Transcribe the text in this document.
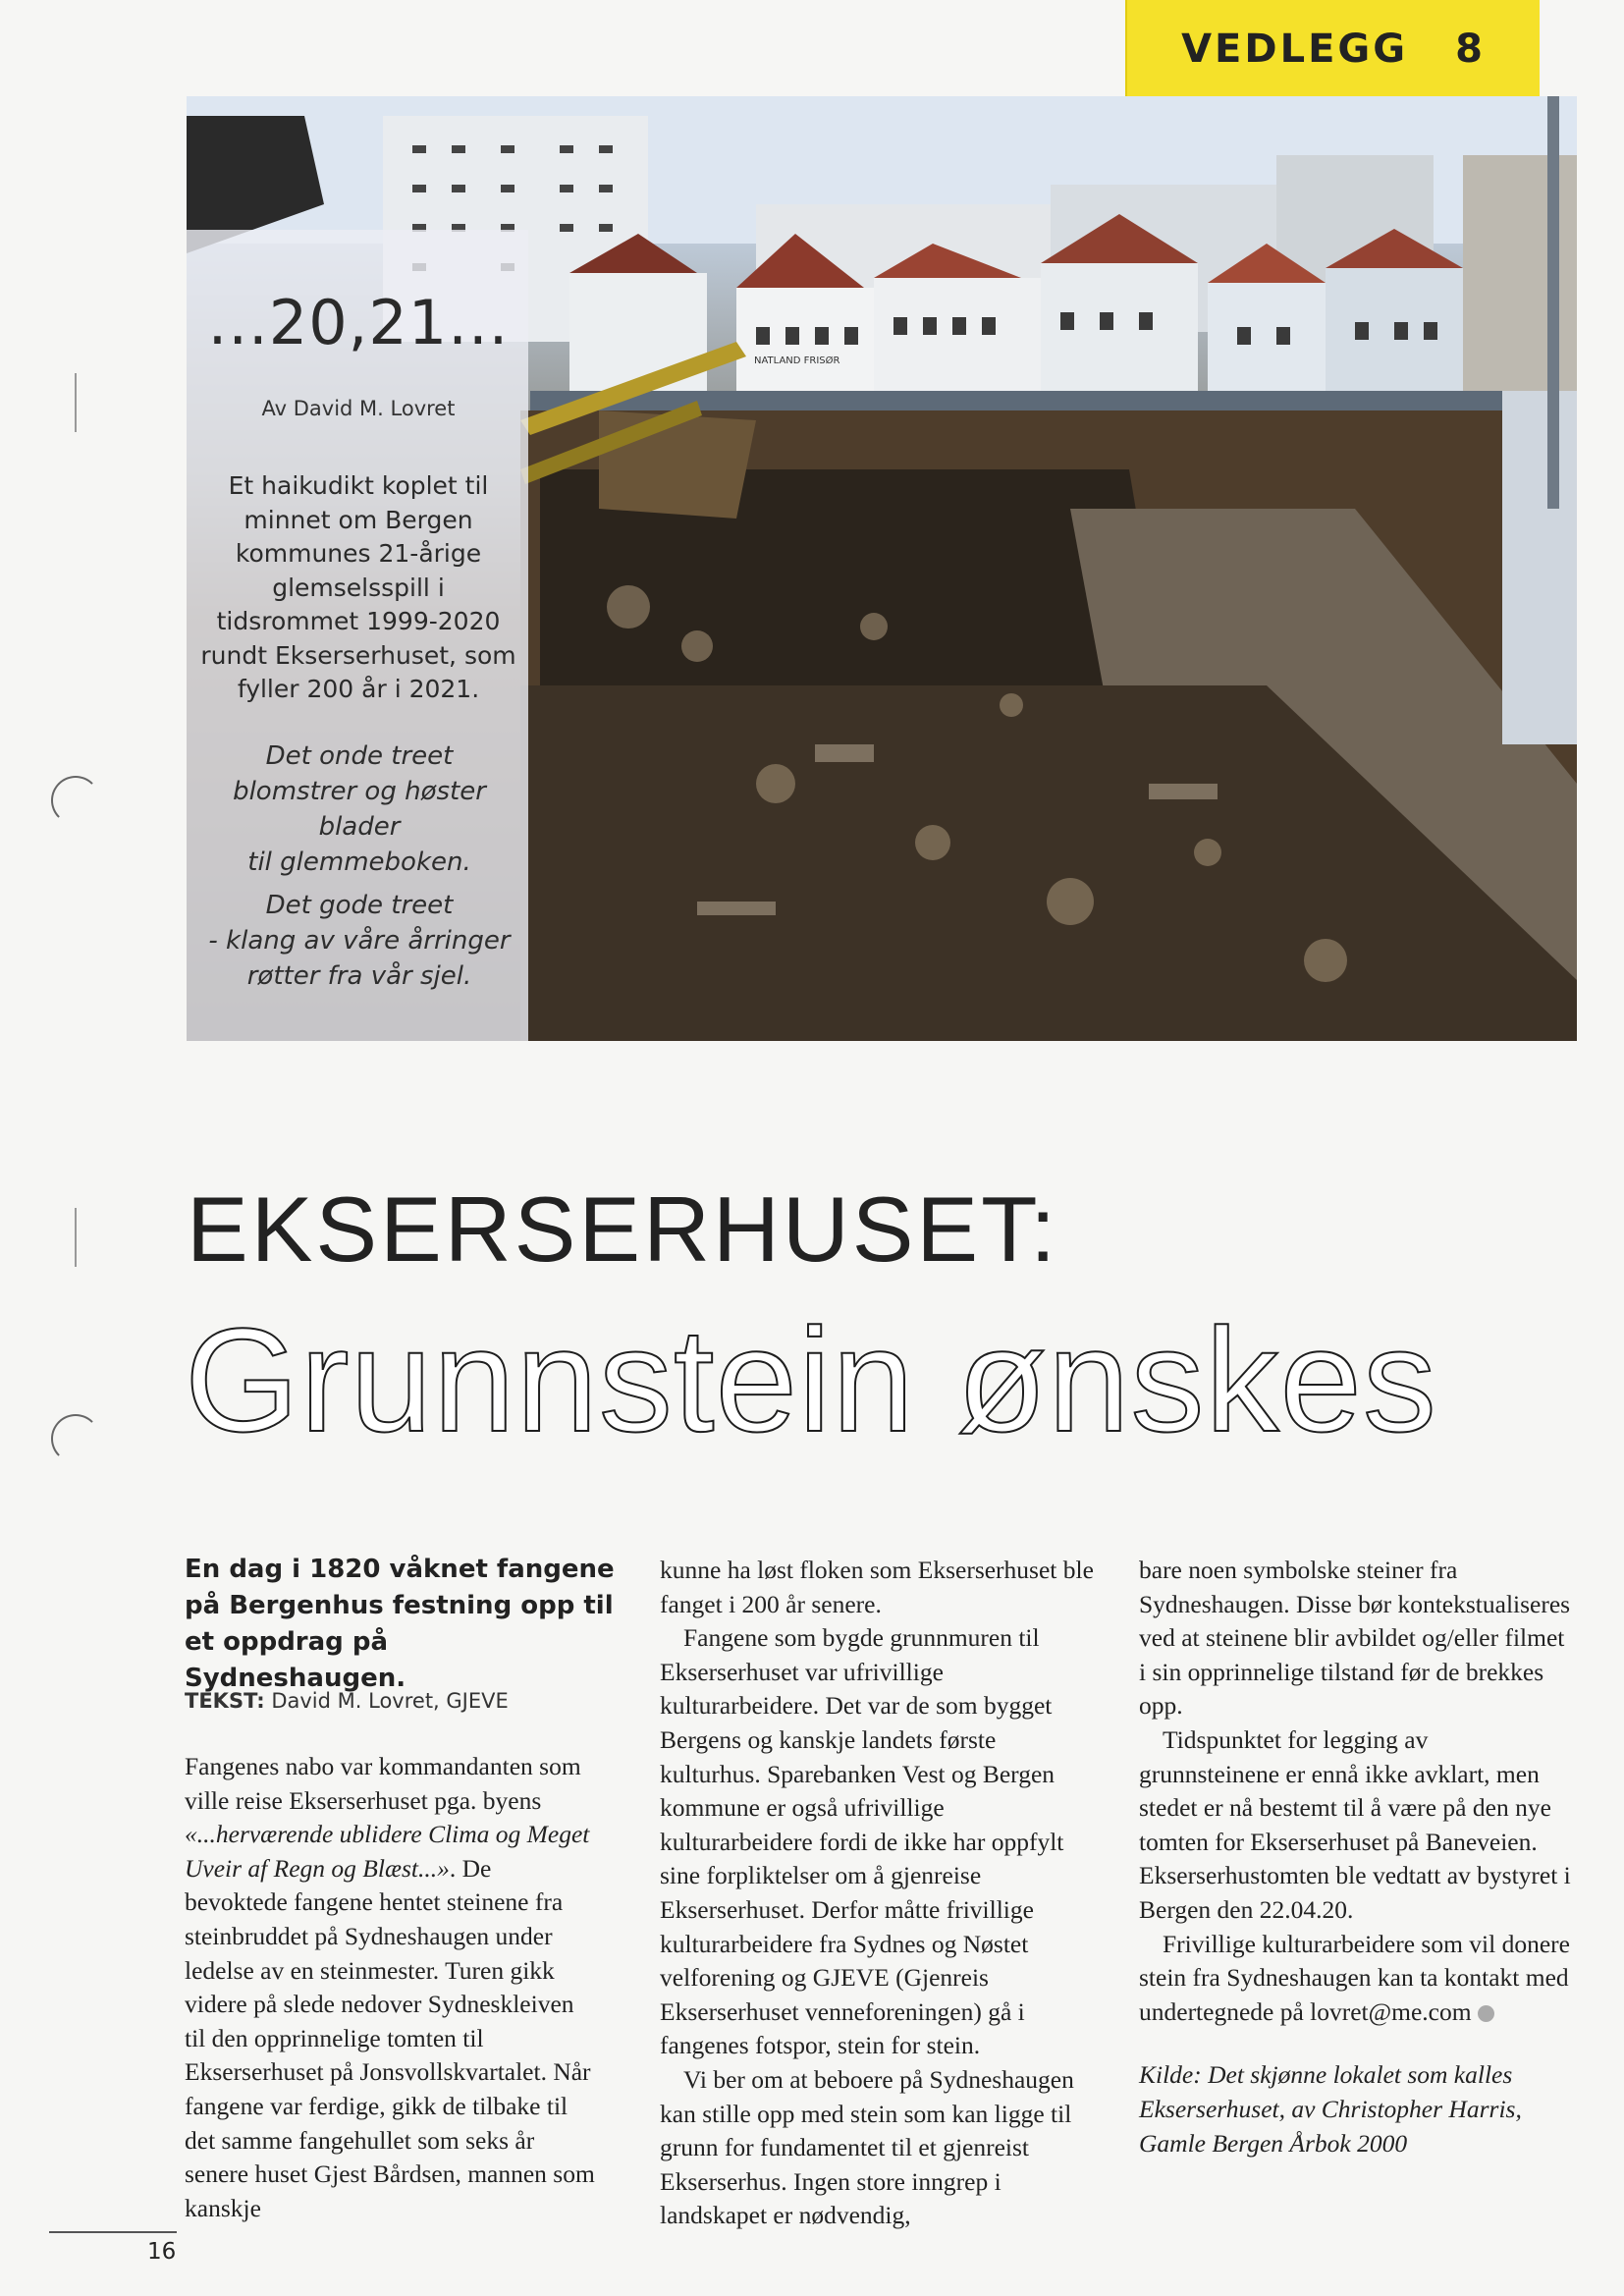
VEDLEGG 8
NATLAND FRISØR
...20,21...
Av David M. Lovret
Et haikudikt koplet til minnet om Bergen kommunes 21-årige glemselsspill i tidsrommet 1999-2020 rundt Ekserserhuset, som fyller 200 år i 2021.
Det onde treet
blomstrer og høster blader
til glemmeboken.
Det gode treet
- klang av våre årringer
røtter fra vår sjel.
EKSERSERHUSET:
Grunnstein ønskes
En dag i 1820 våknet fangene på Bergenhus festning opp til et oppdrag på Sydneshaugen.
TEKST: David M. Lovret, GJEVE

Fangenes nabo var kommandanten som ville reise Ekserserhuset pga. byens «...herværende ublidere Clima og Meget Uveir af Regn og Blæst...». De bevoktede fangene hentet steinene fra steinbruddet på Sydneshaugen under ledelse av en steinmester. Turen gikk videre på slede nedover Sydneskleiven til den opprinnelige tomten til Ekserserhuset på Jonsvollskvartalet. Når fangene var ferdige, gikk de tilbake til det samme fangehullet som seks år senere huset Gjest Bårdsen, mannen som kanskje

kunne ha løst floken som Ekserserhuset ble fanget i 200 år senere.

Fangene som bygde grunnmuren til Ekserserhuset var ufrivillige kulturarbeidere. Det var de som bygget Bergens og kanskje landets første kulturhus. Sparebanken Vest og Bergen kommune er også ufrivillige kulturarbeidere fordi de ikke har oppfylt sine forpliktelser om å gjenreise Ekserserhuset. Derfor måtte frivillige kulturarbeidere fra Sydnes og Nøstet velforening og GJEVE (Gjenreis Ekserserhuset venneforeningen) gå i fangenes fotspor, stein for stein.

Vi ber om at beboere på Sydneshaugen kan stille opp med stein som kan ligge til grunn for fundamentet til et gjenreist Ekserserhus. Ingen store inngrep i landskapet er nødvendig,

bare noen symbolske steiner fra Sydneshaugen. Disse bør kontekstualiseres ved at steinene blir avbildet og/eller filmet i sin opprinnelige tilstand før de brekkes opp.

Tidspunktet for legging av grunnsteinene er ennå ikke avklart, men stedet er nå bestemt til å være på den nye tomten for Ekserserhuset på Baneveien. Ekserserhustomten ble vedtatt av bystyret i Bergen den 22.04.20.

Frivillige kulturarbeidere som vil donere stein fra Sydneshaugen kan ta kontakt med undertegnede på lovret@me.com

Kilde: Det skjønne lokalet som kalles Ekserserhuset, av Christopher Harris, Gamle Bergen Årbok 2000

16
